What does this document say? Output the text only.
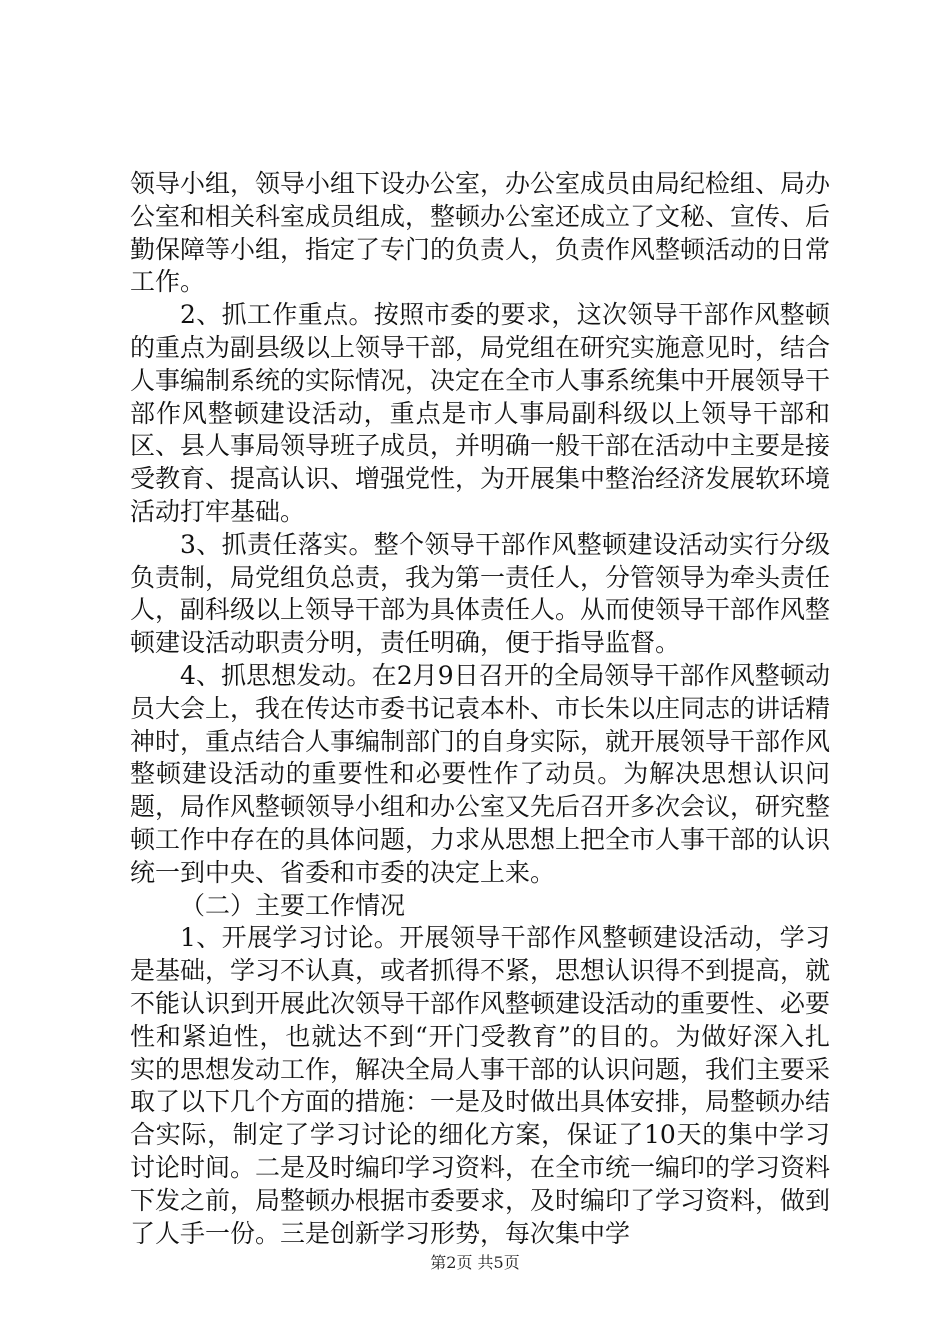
领导小组，领导小组下设办公室，办公室成员由局纪检组、局办公室和相关科室成员组成，整顿办公室还成立了文秘、宣传、后勤保障等小组，指定了专门的负责人，负责作风整顿活动的日常工作。

2、抓工作重点。按照市委的要求，这次领导干部作风整顿的重点为副县级以上领导干部，局党组在研究实施意见时，结合人事编制系统的实际情况，决定在全市人事系统集中开展领导干部作风整顿建设活动，重点是市人事局副科级以上领导干部和区、县人事局领导班子成员，并明确一般干部在活动中主要是接受教育、提高认识、增强党性，为开展集中整治经济发展软环境活动打牢基础。

3、抓责任落实。整个领导干部作风整顿建设活动实行分级负责制，局党组负总责，我为第一责任人，分管领导为牵头责任人，副科级以上领导干部为具体责任人。从而使领导干部作风整顿建设活动职责分明，责任明确，便于指导监督。

4、抓思想发动。在2月9日召开的全局领导干部作风整顿动员大会上，我在传达市委书记袁本朴、市长朱以庄同志的讲话精神时，重点结合人事编制部门的自身实际，就开展领导干部作风整顿建设活动的重要性和必要性作了动员。为解决思想认识问题，局作风整顿领导小组和办公室又先后召开多次会议，研究整顿工作中存在的具体问题，力求从思想上把全市人事干部的认识统一到中央、省委和市委的决定上来。

（二）主要工作情况

1、开展学习讨论。开展领导干部作风整顿建设活动，学习是基础，学习不认真，或者抓得不紧，思想认识得不到提高，就不能认识到开展此次领导干部作风整顿建设活动的重要性、必要性和紧迫性，也就达不到“开门受教育”的目的。为做好深入扎实的思想发动工作，解决全局人事干部的认识问题，我们主要采取了以下几个方面的措施：一是及时做出具体安排，局整顿办结合实际，制定了学习讨论的细化方案，保证了10天的集中学习讨论时间。二是及时编印学习资料，在全市统一编印的学习资料下发之前，局整顿办根据市委要求，及时编印了学习资料，做到了人手一份。三是创新学习形势，每次集中学

第2页 共5页
